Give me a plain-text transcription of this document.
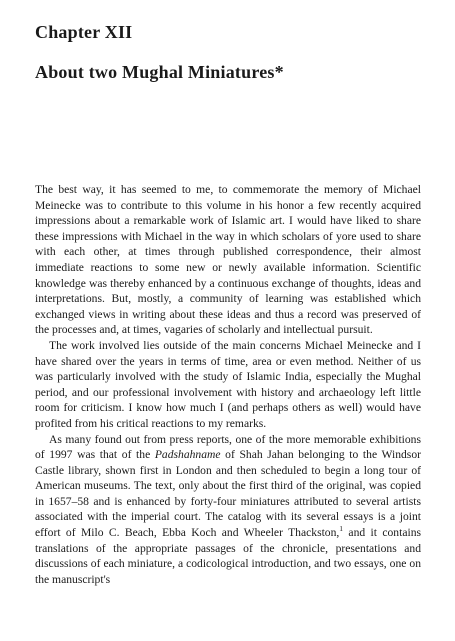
Chapter XII
About two Mughal Miniatures*

The best way, it has seemed to me, to commemorate the memory of Michael Meinecke was to contribute to this volume in his honor a few recently acquired impressions about a remarkable work of Islamic art. I would have liked to share these impressions with Michael in the way in which scholars of yore used to share with each other, at times through published correspondence, their almost immediate reactions to some new or newly available information. Scientific knowledge was thereby enhanced by a continuous exchange of thoughts, ideas and interpretations. But, mostly, a community of learning was established which exchanged views in writing about these ideas and thus a record was preserved of the processes and, at times, vagaries of scholarly and intellectual pursuit.

The work involved lies outside of the main concerns Michael Meinecke and I have shared over the years in terms of time, area or even method. Neither of us was particularly involved with the study of Islamic India, especially the Mughal period, and our professional involvement with history and archaeology left little room for criticism. I know how much I (and perhaps others as well) would have profited from his critical reactions to my remarks.

As many found out from press reports, one of the more memorable exhibitions of 1997 was that of the Padshahname of Shah Jahan belonging to the Windsor Castle library, shown first in London and then scheduled to begin a long tour of American museums. The text, only about the first third of the original, was copied in 1657–58 and is enhanced by forty-four miniatures attributed to several artists associated with the imperial court. The catalog with its several essays is a joint effort of Milo C. Beach, Ebba Koch and Wheeler Thackston,$^1$ and it contains translations of the appropriate passages of the chronicle, presentations and discussions of each miniature, a codicological introduction, and two essays, one on the manuscript's
